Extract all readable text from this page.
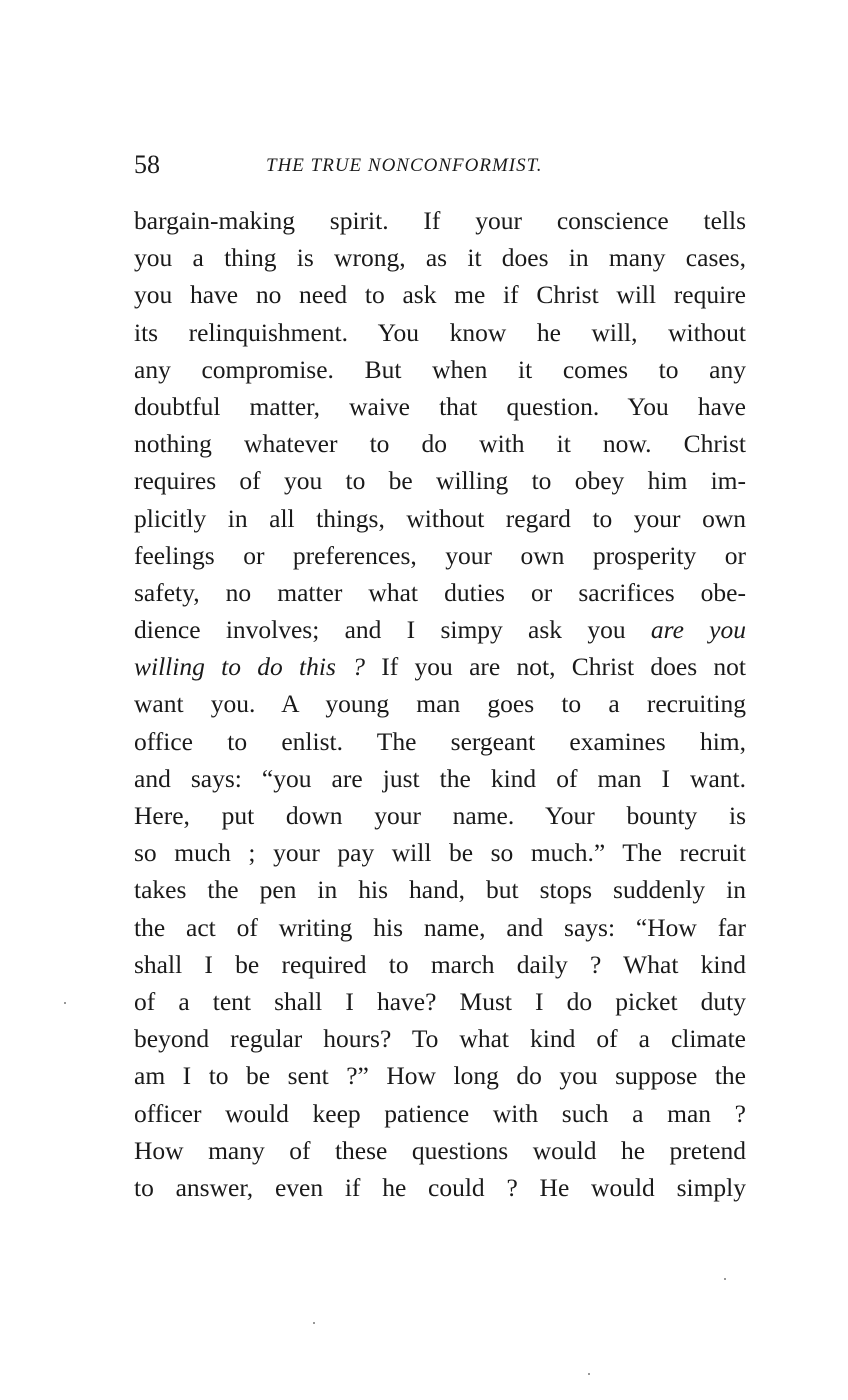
58	THE TRUE NONCONFORMIST.
bargain-making spirit. If your conscience tells
you a thing is wrong, as it does in many cases,
you have no need to ask me if Christ will require
its relinquishment. You know he will, without
any compromise. But when it comes to any
doubtful matter, waive that question. You have
nothing whatever to do with it now. Christ
requires of you to be willing to obey him im-
plicitly in all things, without regard to your own
feelings or preferences, your own prosperity or
safety, no matter what duties or sacrifices obe-
dience involves; and I simpy ask you are you
willing to do this ? If you are not, Christ does not
want you. A young man goes to a recruiting
office to enlist. The sergeant examines him,
and says: “you are just the kind of man I want.
Here, put down your name. Your bounty is
so much ; your pay will be so much.” The recruit
takes the pen in his hand, but stops suddenly in
the act of writing his name, and says: “How far
shall I be required to march daily ? What kind
of a tent shall I have? Must I do picket duty
beyond regular hours? To what kind of a climate
am I to be sent ?” How long do you suppose the
officer would keep patience with such a man ?
How many of these questions would he pretend
to answer, even if he could ? He would simply
